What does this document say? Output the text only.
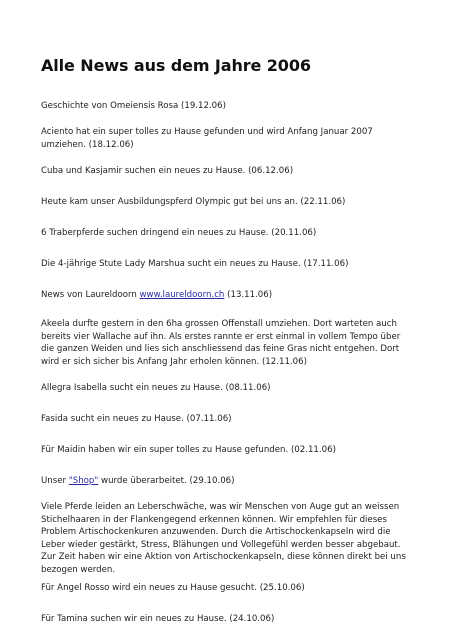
Alle News aus dem Jahre 2006

Geschichte von Omeiensis Rosa (19.12.06)

Aciento hat ein super tolles zu Hause gefunden und wird Anfang Januar 2007 umziehen. (18.12.06)

Cuba und Kasjamir suchen ein neues zu Hause. (06.12.06)

Heute kam unser Ausbildungspferd Olympic gut bei uns an. (22.11.06)

6 Traberpferde suchen dringend ein neues zu Hause. (20.11.06)

Die 4-jährige Stute Lady Marshua sucht ein neues zu Hause. (17.11.06)

News von Laureldoorn www.laureldoorn.ch (13.11.06)

Akeela durfte gestern in den 6ha grossen Offenstall umziehen. Dort warteten auch bereits vier Wallache auf ihn. Als erstes rannte er erst einmal in vollem Tempo über die ganzen Weiden und lies sich anschliessend das feine Gras nicht entgehen. Dort wird er sich sicher bis Anfang Jahr erholen können. (12.11.06)

Allegra Isabella sucht ein neues zu Hause. (08.11.06)

Fasida sucht ein neues zu Hause. (07.11.06)

Für Maidin haben wir ein super tolles zu Hause gefunden. (02.11.06)

Unser "Shop" wurde überarbeitet. (29.10.06)

Viele Pferde leiden an Leberschwäche, was wir Menschen von Auge gut an weissen Stichelhaaren in der Flankengegend erkennen können. Wir empfehlen für dieses Problem Artischockenkuren anzuwenden. Durch die Artischockenkapseln wird die Leber wieder gestärkt, Stress, Blähungen und Vollegefühl werden besser abgebaut. Zur Zeit haben wir eine Aktion von Artischockenkapseln, diese können direkt bei uns bezogen werden.

Für Angel Rosso wird ein neues zu Hause gesucht. (25.10.06)

Für Tamina suchen wir ein neues zu Hause. (24.10.06)
